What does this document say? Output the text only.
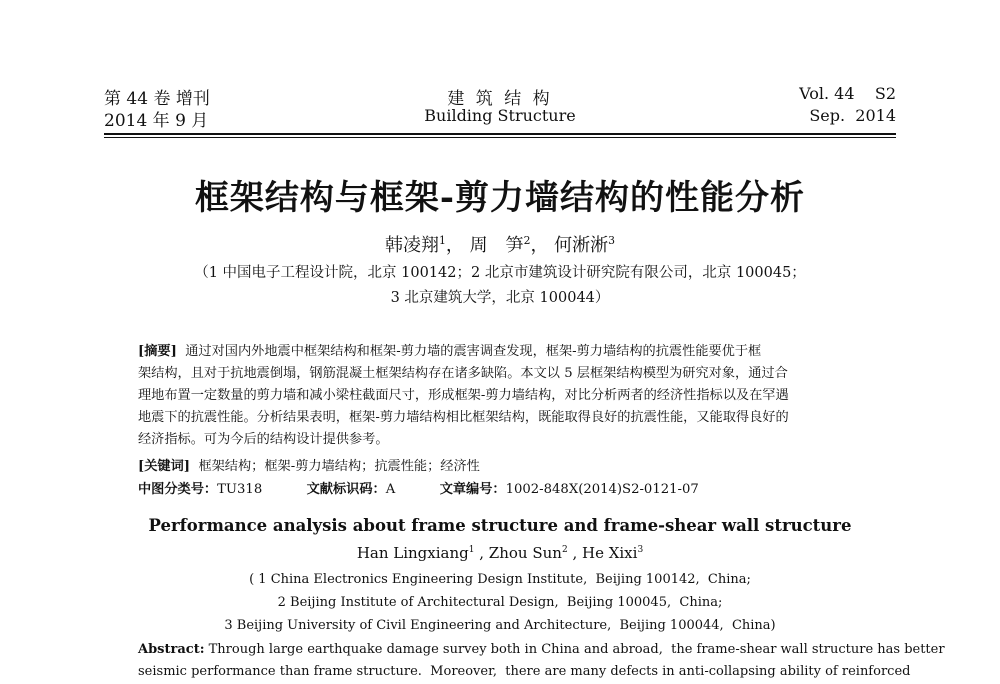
第 44 卷 增刊
2014 年 9 月
建 筑 结 构
Building Structure
Vol. 44    S2
Sep.  2014
框架结构与框架-剪力墙结构的性能分析
韩凌翔$^1$， 周　笋$^2$， 何淅淅$^3$
（1 中国电子工程设计院，北京 100142；2 北京市建筑设计研究院有限公司，北京 100045；
3 北京建筑大学，北京 100044）
[摘要] 通过对国内外地震中框架结构和框架-剪力墙的震害调查发现，框架-剪力墙结构的抗震性能要优于框
架结构，且对于抗地震倒塌，钢筋混凝土框架结构存在诸多缺陷。本文以 5 层框架结构模型为研究对象，通过合
理地布置一定数量的剪力墙和减小梁柱截面尺寸，形成框架-剪力墙结构，对比分析两者的经济性指标以及在罕遇
地震下的抗震性能。分析结果表明，框架-剪力墙结构相比框架结构，既能取得良好的抗震性能，又能取得良好的
经济指标。可为今后的结构设计提供参考。
[关键词] 框架结构；框架-剪力墙结构；抗震性能；经济性
中图分类号：TU318	文献标识码：A	文章编号：1002-848X(2014)S2-0121-07
Performance analysis about frame structure and frame-shear wall structure
Han Lingxiang$^1$ , Zhou Sun$^2$ , He Xixi$^3$
( 1 China Electronics Engineering Design Institute,  Beijing 100142,  China;
2 Beijing Institute of Architectural Design,  Beijing 100045,  China;
3 Beijing University of Civil Engineering and Architecture,  Beijing 100044,  China)
Abstract: Through large earthquake damage survey both in China and abroad,  the frame-shear wall structure has better
seismic performance than frame structure.  Moreover,  there are many defects in anti-collapsing ability of reinforced
